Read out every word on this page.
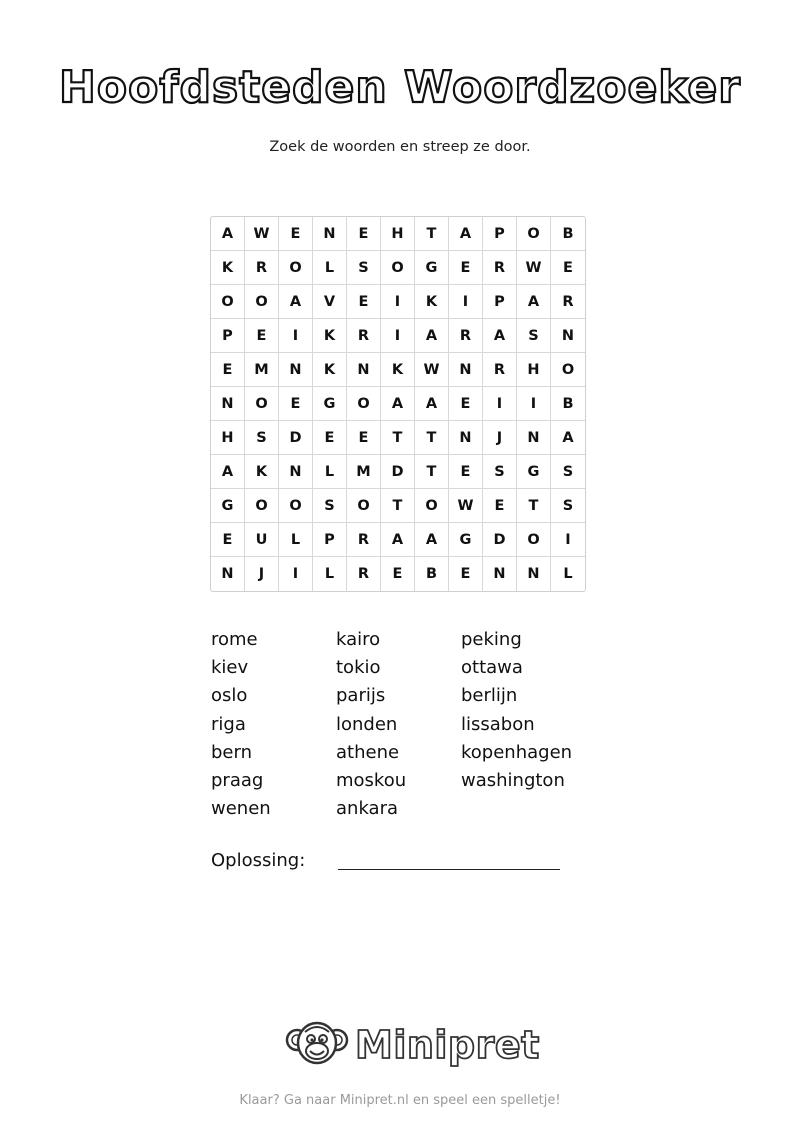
Hoofdsteden Woordzoeker
Zoek de woorden en streep ze door.
A	W	E	N	E	H	T	A	P	O	B
K	R	O	L	S	O	G	E	R	W	E
O	O	A	V	E	I	K	I	P	A	R
P	E	I	K	R	I	A	R	A	S	N
E	M	N	K	N	K	W	N	R	H	O
N	O	E	G	O	A	A	E	I	I	B
H	S	D	E	E	T	T	N	J	N	A
A	K	N	L	M	D	T	E	S	G	S
G	O	O	S	O	T	O	W	E	T	S
E	U	L	P	R	A	A	G	D	O	I
N	J	I	L	R	E	B	E	N	N	L
rome
kiev
oslo
riga
bern
praag
wenen
kairo
tokio
parijs
londen
athene
moskou
ankara
peking
ottawa
berlijn
lissabon
kopenhagen
washington
Oplossing:
Minipret
Klaar? Ga naar Minipret.nl en speel een spelletje!
